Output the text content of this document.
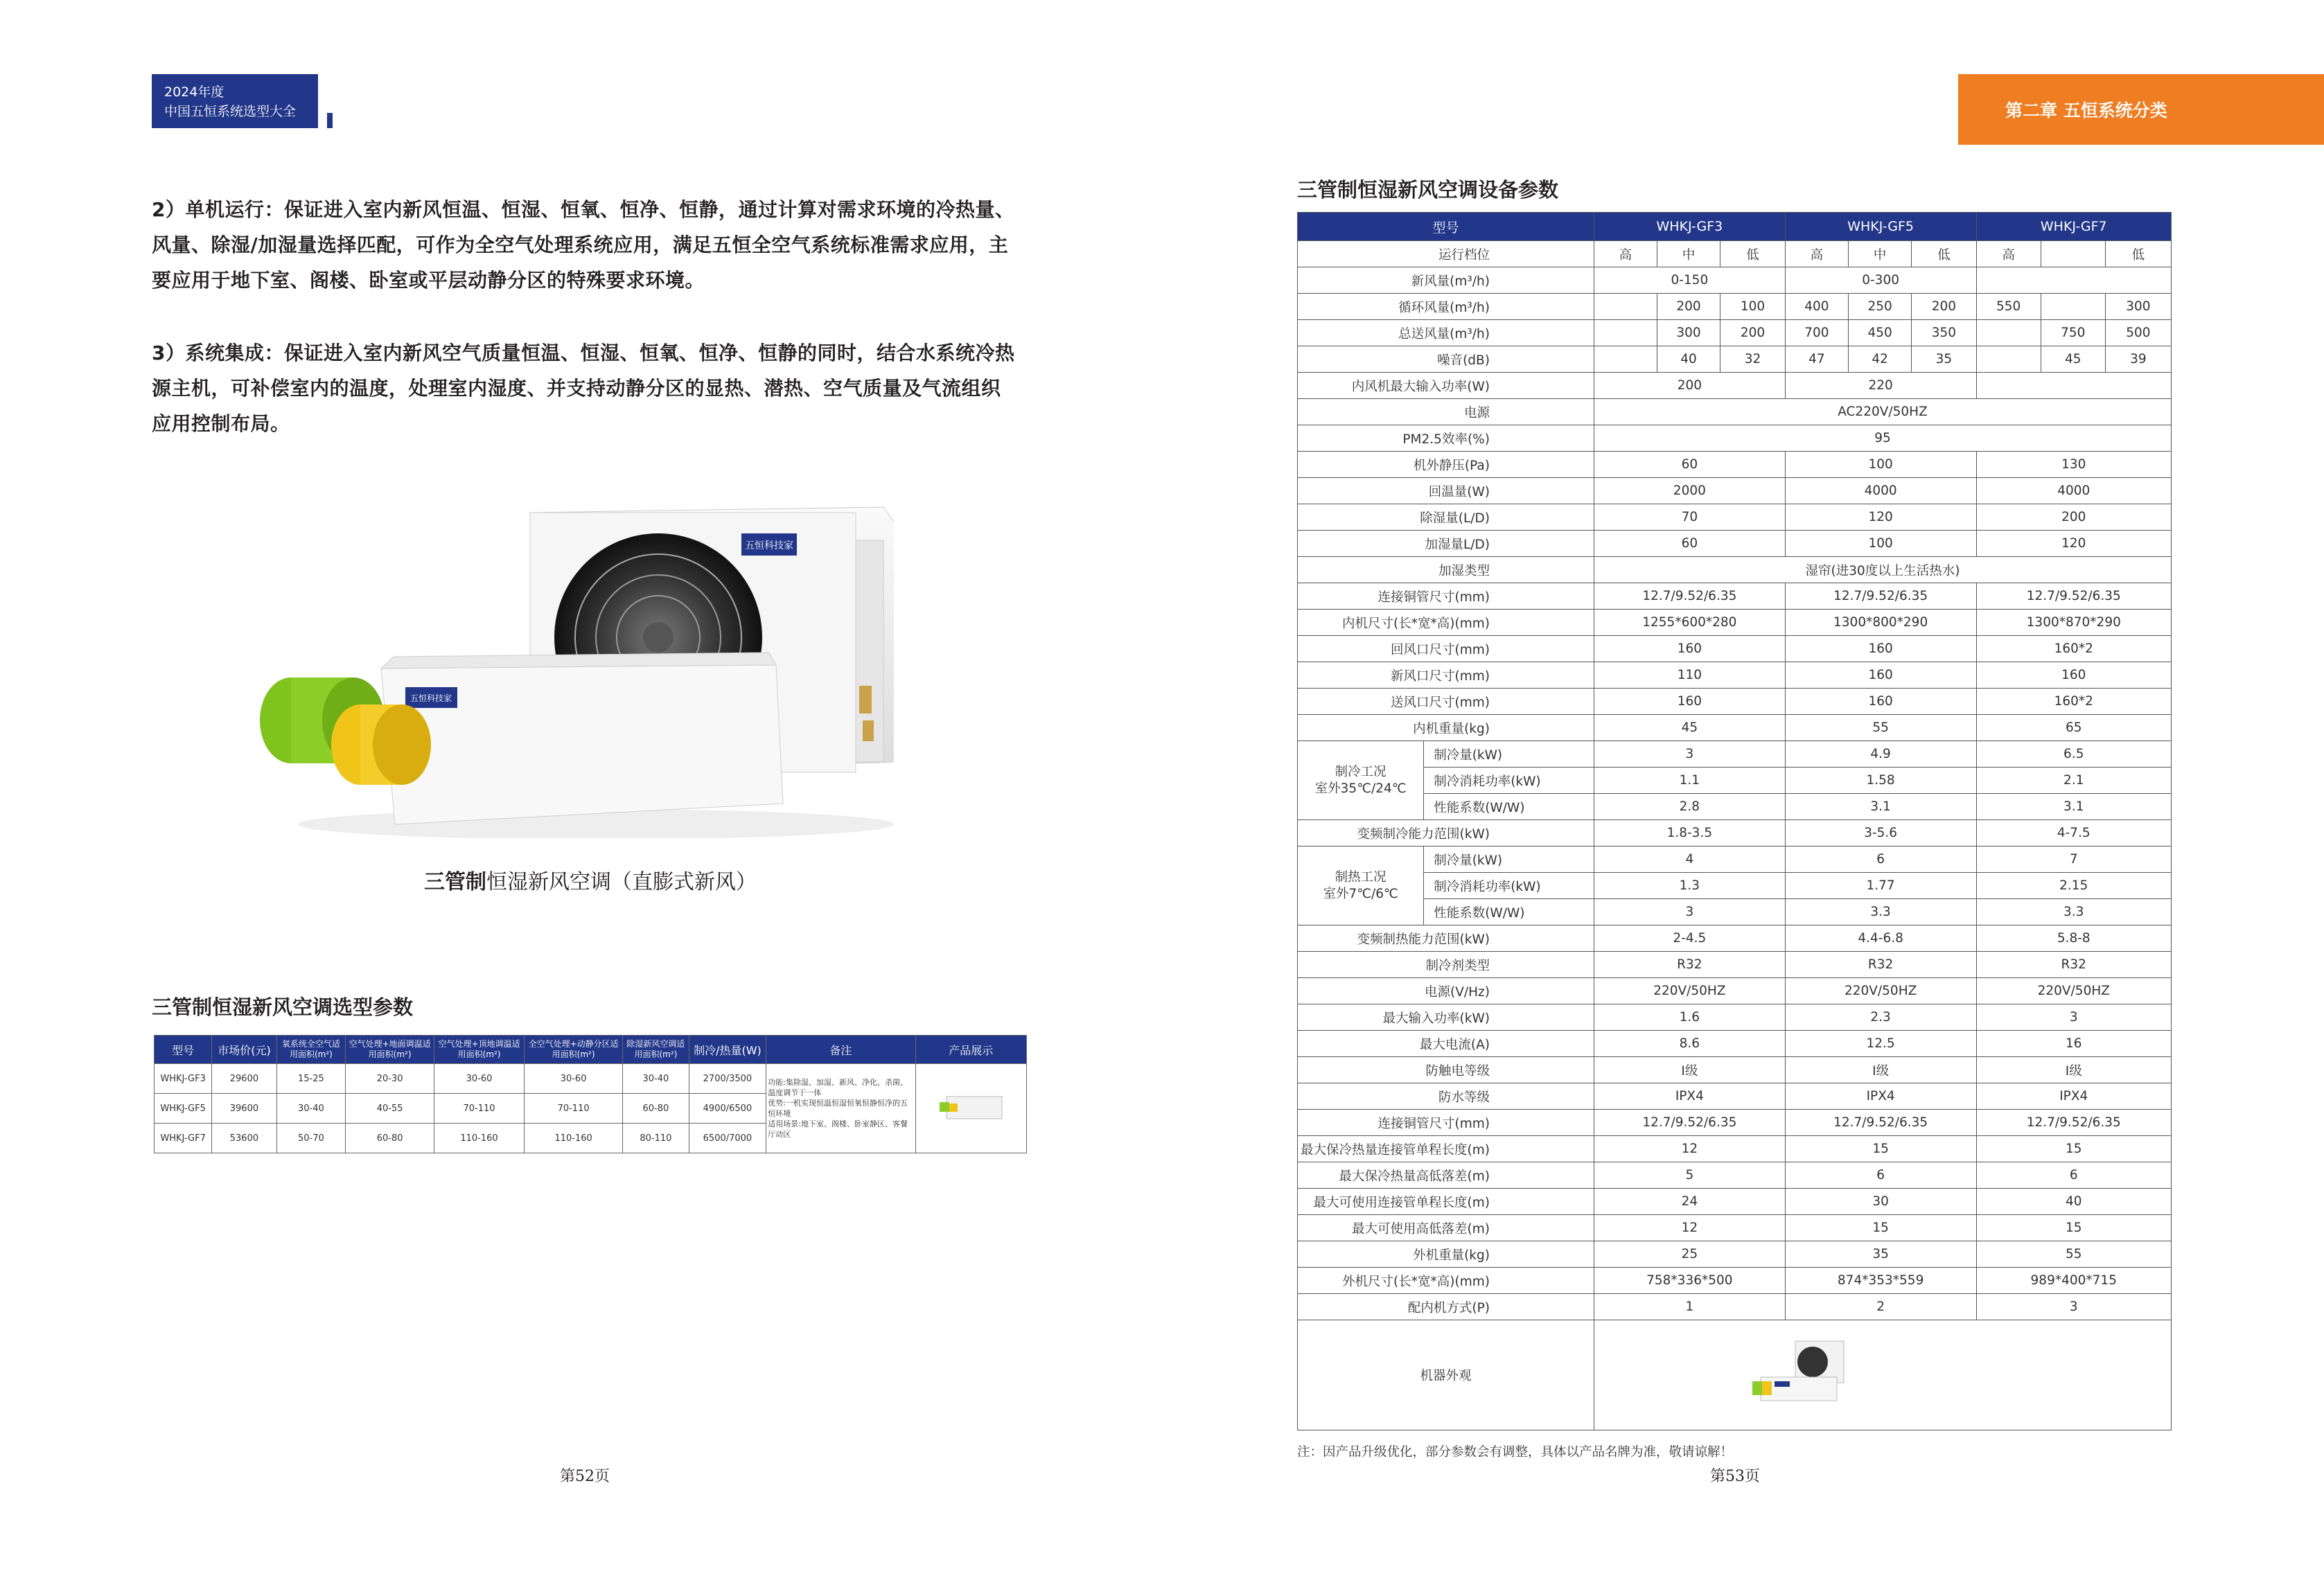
2024年度
中国五恒系统选型大全	第二章 五恒系统分类
2）单机运行：保证进入室内新风恒温、恒湿、恒氧、恒净、恒静，通过计算对需求环境的冷热量、
风量、除湿/加湿量选择匹配，可作为全空气处理系统应用，满足五恒全空气系统标准需求应用，主
要应用于地下室、阁楼、卧室或平层动静分区的特殊要求环境。
3）系统集成：保证进入室内新风空气质量恒温、恒湿、恒氧、恒净、恒静的同时，结合水系统冷热
源主机，可补偿室内的温度，处理室内湿度、并支持动静分区的显热、潜热、空气质量及气流组织
应用控制布局。
五恒科技家
五恒科技家
三管制恒湿新风空调（直膨式新风）
三管制恒湿新风空调选型参数
型号	市场价(元)	氧系统全空气适用面积(m²)	空气处理+地面调温适用面积(m²)	空气处理+顶地调温适用面积(m²)	全空气处理+动静分区适用面积(m²)	除湿新风空调适用面积(m²)	制冷/热量(W)	备注	产品展示
WHKJ-GF3	29600	15-25	20-30	30-60	30-60	30-40	2700/3500	功能:集除湿、加湿、新风、净化、杀菌、温度调节于一体
优势:一机实现恒温恒湿恒氧恒静恒净的五恒环境
适用场景:地下室、阁楼、卧室静区、客餐厅动区

WHKJ-GF5	39600	30-40	40-55	70-110	70-110	60-80	4900/6500		
WHKJ-GF7	53600	50-70	60-80	110-160	110-160	80-110	6500/7000		
三管制恒湿新风空调设备参数
型号		WHKJ-GF3			WHKJ-GF5			WHKJ-GF7		
运行档位		高	中	低	高	中	低	高		低
新风量(m³/h)		0-150			0-300					
循环风量(m³/h)			200	100	400	250	200	550		300
总送风量(m³/h)			300	200	700	450	350		750	500
噪音(dB)			40	32	47	42	35		45	39
内风机最大输入功率(W)		200			220					
电源		AC220V/50HZ								
PM2.5效率(%)		95								
机外静压(Pa)		60			100			130		
回温量(W)		2000			4000			4000		
除湿量(L/D)		70			120			200		
加湿量L/D)		60			100			120		
加湿类型		湿帘(进30度以上生活热水)								
连接铜管尺寸(mm)		12.7/9.52/6.35			12.7/9.52/6.35			12.7/9.52/6.35		
内机尺寸(长*宽*高)(mm)		1255*600*280			1300*800*290			1300*870*290		
回风口尺寸(mm)		160			160			160*2		
新风口尺寸(mm)		110			160			160		
送风口尺寸(mm)		160			160			160*2		
内机重量(kg)		45			55			65		

制冷工况
室外35℃/24℃	制冷量(kW)	3			4.9			6.5		
	制冷消耗功率(kW)	1.1			1.58			2.1		
	性能系数(W/W)	2.8			3.1			3.1		
变频制冷能力范围(kW)		1.8-3.5			3-5.6			4-7.5		

制热工况
室外7℃/6℃	制冷量(kW)	4			6			7		
	制冷消耗功率(kW)	1.3			1.77			2.15		
	性能系数(W/W)	3			3.3			3.3		
变频制热能力范围(kW)		2-4.5			4.4-6.8			5.8-8		
制冷剂类型		R32			R32			R32		
电源(V/Hz)		220V/50HZ			220V/50HZ			220V/50HZ		
最大输入功率(kW)		1.6			2.3			3		
最大电流(A)		8.6			12.5			16		
防触电等级		I级			I级			I级		
防水等级		IPX4			IPX4			IPX4		
连接铜管尺寸(mm)		12.7/9.52/6.35			12.7/9.52/6.35			12.7/9.52/6.35		
最大保冷热量连接管单程长度(m)		12			15			15		
最大保冷热量高低落差(m)		5			6			6		
最大可使用连接管单程长度(m)		24			30			40		
最大可使用高低落差(m)		12			15			15		
外机重量(kg)		25			35			55		
外机尺寸(长*宽*高)(mm)		758*336*500			874*353*559			989*400*715		
配内机方式(P)		1			2			3		
机器外观	
注：因产品升级优化，部分参数会有调整，具体以产品名牌为准，敬请谅解！
第52页	第53页
